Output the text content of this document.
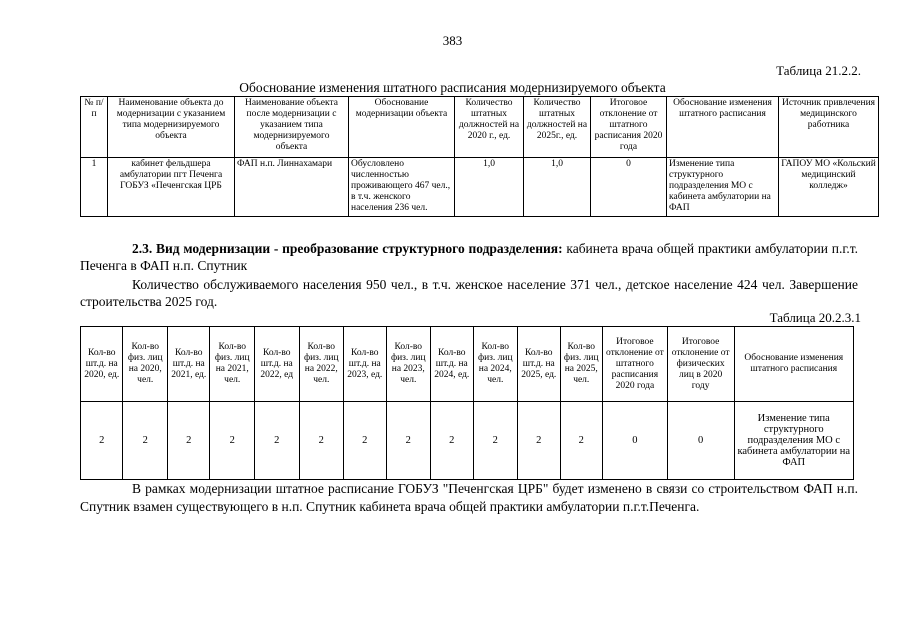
383
Таблица 21.2.2.
Обоснование изменения штатного расписания модернизируемого объекта
№ п/п	Наименование объекта до модернизации с указанием типа модернизируемого объекта	Наименование объекта после модернизации с указанием типа модернизируемого объекта	Обоснование модернизации объекта	Количество штатных должностей на 2020 г., ед.	Количество штатных должностей на 2025г., ед.	Итоговое отклонение от штатного расписания 2020 года	Обоснование изменения штатного расписания	Источник привлечения медицинского работника
1	кабинет фельдшера амбулатории пгт Печенга ГОБУЗ «Печенгская ЦРБ	ФАП н.п. Линнахамари	Обусловлено численностью проживающего 467 чел., в т.ч. женского населения 236 чел.	1,0	1,0	0	Изменение типа структурного подразделения МО с кабинета амбулатории на ФАП	ГАПОУ МО «Кольский медицинский колледж»
2.3. Вид модернизации - преобразование структурного подразделения: кабинета врача общей практики амбулатории п.г.т. Печенга в ФАП н.п. Спутник
Количество обслуживаемого населения 950 чел., в т.ч. женское население 371 чел., детское население 424 чел. Завершение строительства 2025 год.
Таблица 20.2.3.1
Кол-во шт.д. на 2020, ед.	Кол-во физ. лиц на 2020, чел.	Кол-во шт.д. на 2021, ед.	Кол-во физ. лиц на 2021, чел.	Кол-во шт.д. на 2022, ед	Кол-во физ. лиц на 2022, чел.	Кол-во шт.д. на 2023, ед.	Кол-во физ. лиц на 2023, чел.	Кол-во шт.д. на 2024, ед.	Кол-во физ. лиц на 2024, чел.	Кол-во шт.д. на 2025, ед.	Кол-во физ. лиц на 2025, чел.	Итоговое отклонение от штатного расписания 2020 года	Итоговое отклонение от физических лиц в 2020 году	Обоснование изменения штатного расписания
2	2	2	2	2	2	2	2	2	2	2	2	0	0	Изменение типа структурного подразделения МО с кабинета амбулатории на ФАП
В рамках модернизации штатное расписание ГОБУЗ "Печенгская ЦРБ" будет изменено в связи со строительством ФАП н.п. Спутник взамен существующего в н.п. Спутник кабинета врача общей практики амбулатории п.г.т.Печенга.
